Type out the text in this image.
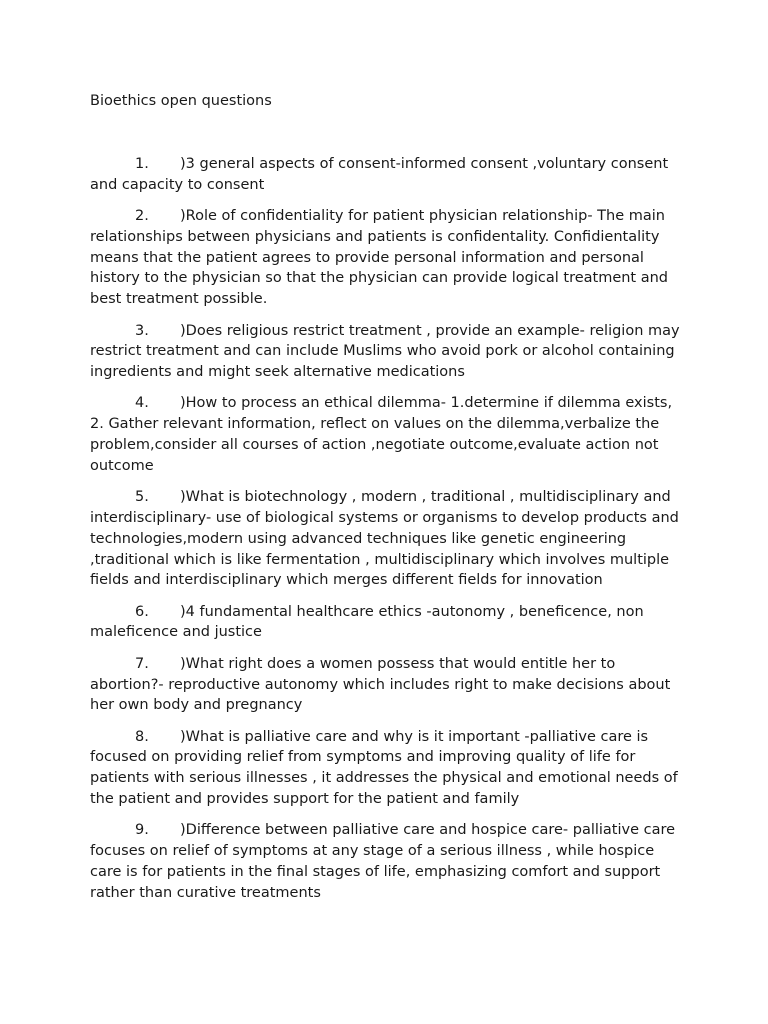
Bioethics open questions
1. )3 general aspects of consent-informed consent ,voluntary consent and capacity to consent
2. )Role of confidentiality for patient physician relationship- The main relationships between physicians and patients is confidentality. Confidientality means that the patient agrees to provide personal information and personal history to the physician so that the physician can provide logical treatment and best treatment possible.
3. )Does religious restrict treatment , provide an example- religion may restrict treatment and can include Muslims who avoid pork or alcohol containing ingredients and might seek alternative medications
4. )How to process an ethical dilemma- 1.determine if dilemma exists, 2. Gather relevant information, reflect on values on the dilemma,verbalize the problem,consider all courses of action ,negotiate outcome,evaluate action not outcome
5. )What is biotechnology , modern , traditional , multidisciplinary and interdisciplinary- use of biological systems or organisms to develop products and technologies,modern using advanced techniques like genetic engineering ,traditional which is like fermentation , multidisciplinary which involves multiple fields and interdisciplinary which merges different fields for innovation
6. )4 fundamental healthcare ethics -autonomy , beneficence, non maleficence and justice
7. )What right does a women possess that would entitle her to abortion?- reproductive autonomy which includes right to make decisions about her own body and pregnancy
8. )What is palliative care and why is it important -palliative care is focused on providing relief from symptoms and improving quality of life for patients with serious illnesses , it addresses the physical and emotional needs of the patient and provides support for the patient and family
9. )Difference between palliative care and hospice care- palliative care focuses on relief of symptoms at any stage of a serious illness , while hospice care is for patients in the final stages of life, emphasizing comfort and support rather than curative treatments
